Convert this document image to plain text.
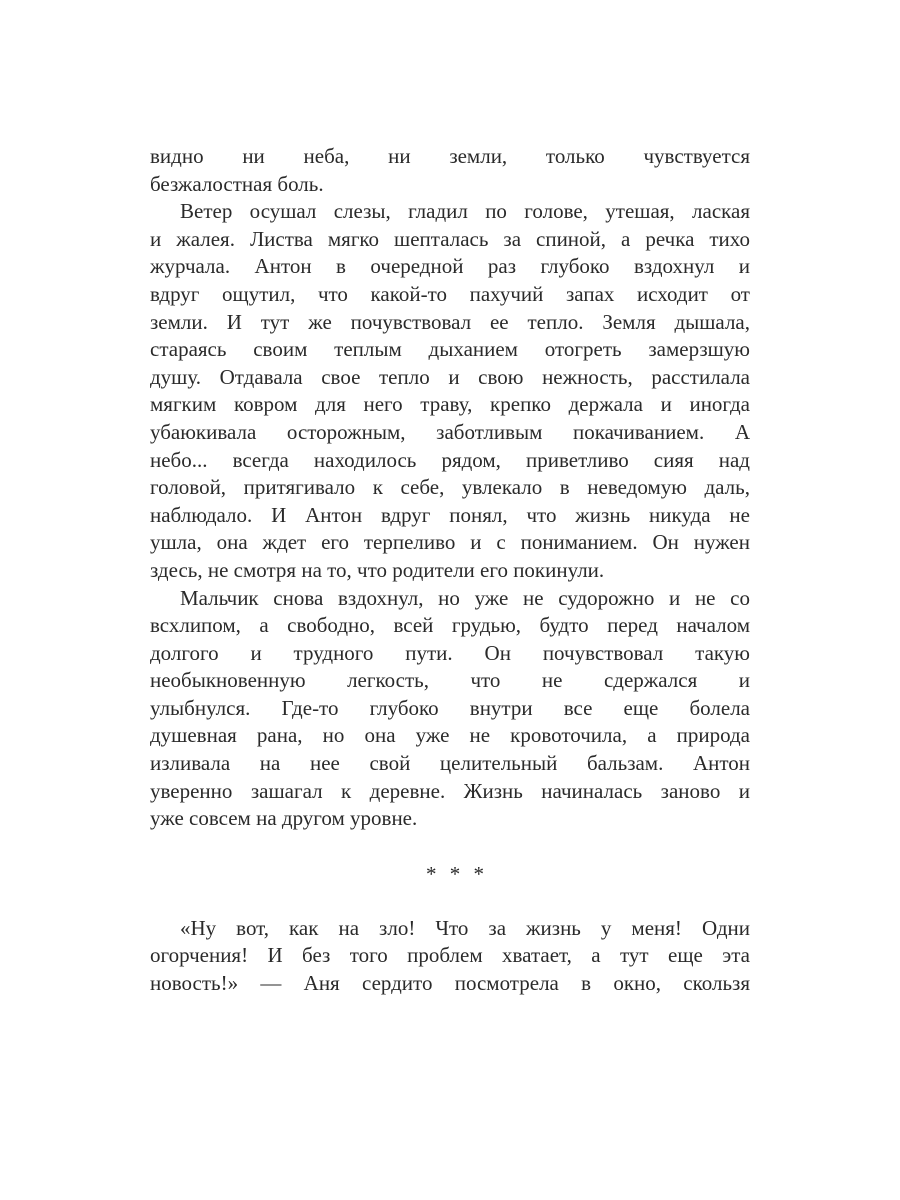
видно ни неба, ни земли, только чувствуется
безжалостная боль.
Ветер осушал слезы, гладил по голове, утешая, лаская
и жалея. Листва мягко шепталась за спиной, а речка тихо
журчала. Антон в очередной раз глубоко вздохнул и
вдруг ощутил, что какой-то пахучий запах исходит от
земли. И тут же почувствовал ее тепло. Земля дышала,
стараясь своим теплым дыханием отогреть замерзшую
душу. Отдавала свое тепло и свою нежность, расстилала
мягким ковром для него траву, крепко держала и иногда
убаюкивала осторожным, заботливым покачиванием. А
небо... всегда находилось рядом, приветливо сияя над
головой, притягивало к себе, увлекало в неведомую даль,
наблюдало. И Антон вдруг понял, что жизнь никуда не
ушла, она ждет его терпеливо и с пониманием. Он нужен
здесь, не смотря на то, что родители его покинули.
Мальчик снова вздохнул, но уже не судорожно и не со
всхлипом, а свободно, всей грудью, будто перед началом
долгого и трудного пути. Он почувствовал такую
необыкновенную легкость, что не сдержался и
улыбнулся. Где-то глубоко внутри все еще болела
душевная рана, но она уже не кровоточила, а природа
изливала на нее свой целительный бальзам. Антон
уверенно зашагал к деревне. Жизнь начиналась заново и
уже совсем на другом уровне.
* * *
«Ну вот, как на зло! Что за жизнь у меня! Одни
огорчения! И без того проблем хватает, а тут еще эта
новость!» — Аня сердито посмотрела в окно, скользя
